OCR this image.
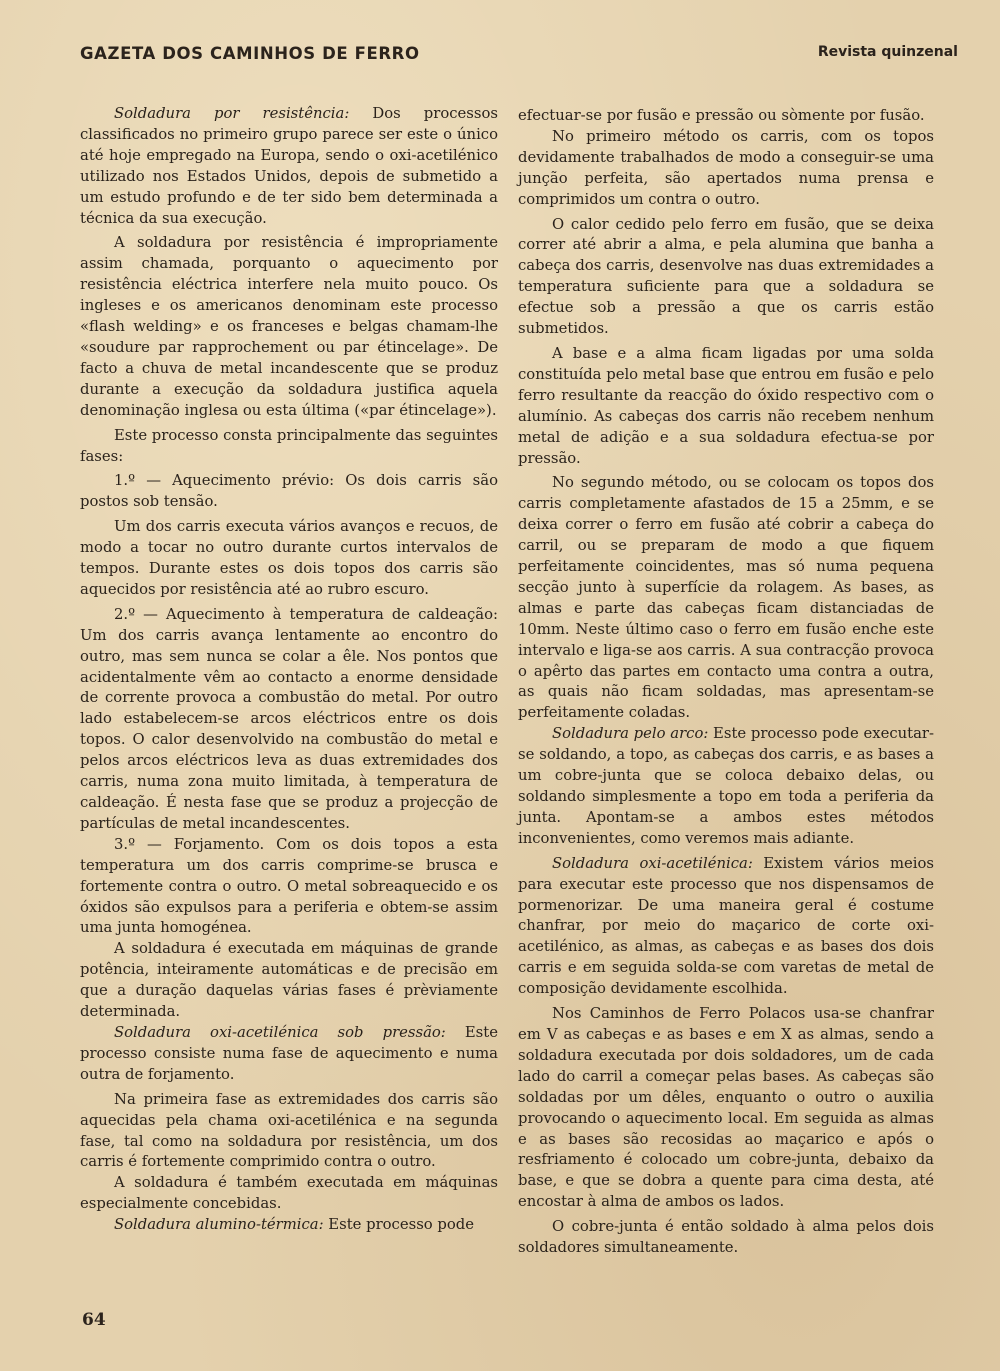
GAZETA DOS CAMINHOS DE FERRO	Revista quinzenal

Soldadura por resistência: Dos processos classificados no primeiro grupo parece ser este o único até hoje empregado na Europa, sendo o oxi-acetilénico utilizado nos Estados Unidos, depois de submetido a um estudo profundo e de ter sido bem determinada a técnica da sua execução.

A soldadura por resistência é impropriamente assim chamada, porquanto o aquecimento por resistência eléctrica interfere nela muito pouco. Os ingleses e os americanos denominam este processo «flash welding» e os franceses e belgas chamam-lhe «soudure par rapprochement ou par étincelage». De facto a chuva de metal incandescente que se produz durante a execução da soldadura justifica aquela denominação inglesa ou esta última («par étincelage»).

Este processo consta principalmente das seguintes fases:

1.º — Aquecimento prévio: Os dois carris são postos sob tensão.

Um dos carris executa vários avanços e recuos, de modo a tocar no outro durante curtos intervalos de tempos. Durante estes os dois topos dos carris são aquecidos por resistência até ao rubro escuro.

2.º — Aquecimento à temperatura de caldeação: Um dos carris avança lentamente ao encontro do outro, mas sem nunca se colar a êle. Nos pontos que acidentalmente vêm ao contacto a enorme densidade de corrente provoca a combustão do metal. Por outro lado estabelecem-se arcos eléctricos entre os dois topos. O calor desenvolvido na combustão do metal e pelos arcos eléctricos leva as duas extremidades dos carris, numa zona muito limitada, à temperatura de caldeação. É nesta fase que se produz a projecção de partículas de metal incandescentes.

3.º — Forjamento. Com os dois topos a esta temperatura um dos carris comprime-se brusca e fortemente contra o outro. O metal sobreaquecido e os óxidos são expulsos para a periferia e obtem-se assim uma junta homogénea.

A soldadura é executada em máquinas de grande potência, inteiramente automáticas e de precisão em que a duração daquelas várias fases é prèviamente determinada.

Soldadura oxi-acetilénica sob pressão: Este processo consiste numa fase de aquecimento e numa outra de forjamento.

Na primeira fase as extremidades dos carris são aquecidas pela chama oxi-acetilénica e na segunda fase, tal como na soldadura por resistência, um dos carris é fortemente comprimido contra o outro.

A soldadura é também executada em máquinas especialmente concebidas.

Soldadura alumino-térmica: Este processo pode

efectuar-se por fusão e pressão ou sòmente por fusão.

No primeiro método os carris, com os topos devidamente trabalhados de modo a conseguir-se uma junção perfeita, são apertados numa prensa e comprimidos um contra o outro.

O calor cedido pelo ferro em fusão, que se deixa correr até abrir a alma, e pela alumina que banha a cabeça dos carris, desenvolve nas duas extremidades a temperatura suficiente para que a soldadura se efectue sob a pressão a que os carris estão submetidos.

A base e a alma ficam ligadas por uma solda constituída pelo metal base que entrou em fusão e pelo ferro resultante da reacção do óxido respectivo com o alumínio. As cabeças dos carris não recebem nenhum metal de adição e a sua soldadura efectua-se por pressão.

No segundo método, ou se colocam os topos dos carris completamente afastados de 15 a 25mm, e se deixa correr o ferro em fusão até cobrir a cabeça do carril, ou se preparam de modo a que fiquem perfeitamente coincidentes, mas só numa pequena secção junto à superfície da rolagem. As bases, as almas e parte das cabeças ficam distanciadas de 10mm. Neste último caso o ferro em fusão enche este intervalo e liga-se aos carris. A sua contracção provoca o apêrto das partes em contacto uma contra a outra, as quais não ficam soldadas, mas apresentam-se perfeitamente coladas.

Soldadura pelo arco: Este processo pode executar-se soldando, a topo, as cabeças dos carris, e as bases a um cobre-junta que se coloca debaixo delas, ou soldando simplesmente a topo em toda a periferia da junta. Apontam-se a ambos estes métodos inconvenientes, como veremos mais adiante.

Soldadura oxi-acetilénica: Existem vários meios para executar este processo que nos dispensamos de pormenorizar. De uma maneira geral é costume chanfrar, por meio do maçarico de corte oxi-acetilénico, as almas, as cabeças e as bases dos dois carris e em seguida solda-se com varetas de metal de composição devidamente escolhida.

Nos Caminhos de Ferro Polacos usa-se chanfrar em V as cabeças e as bases e em X as almas, sendo a soldadura executada por dois soldadores, um de cada lado do carril a começar pelas bases. As cabeças são soldadas por um dêles, enquanto o outro o auxilia provocando o aquecimento local. Em seguida as almas e as bases são recosidas ao maçarico e após o resfriamento é colocado um cobre-junta, debaixo da base, e que se dobra a quente para cima desta, até encostar à alma de ambos os lados.

O cobre-junta é então soldado à alma pelos dois soldadores simultaneamente.

64
